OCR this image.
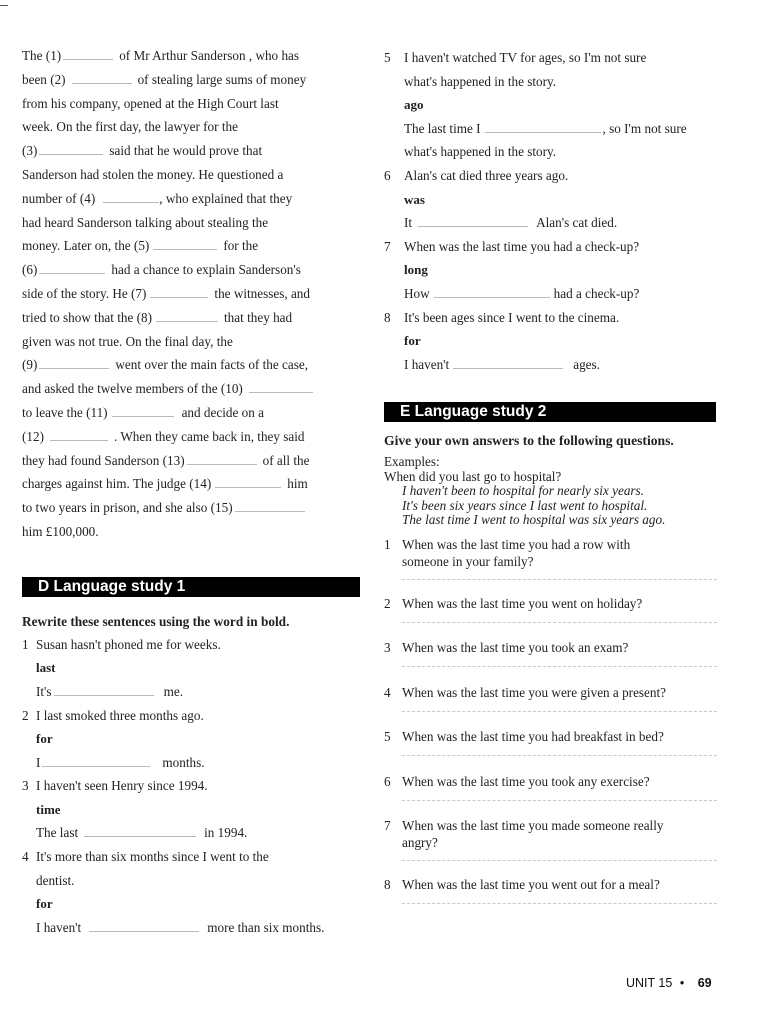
The (1)	of Mr Arthur Sanderson , who has
been (2)	of stealing large sums of money
from his company, opened at the High Court last
week. On the first day, the lawyer for the
(3)	said that he would prove that
Sanderson had stolen the money. He questioned a
number of (4)	, who explained that they
had heard Sanderson talking about stealing the
money. Later on, the (5)	for the
(6)	had a chance to explain Sanderson's
side of the story. He (7)	the witnesses, and
tried to show that the (8)	that they had
given was not true. On the final day, the
(9)	went over the main facts of the case,
and asked the twelve members of the (10)
to leave the (11)	and decide on a
(12)	. When they came back in, they said
they had found Sanderson (13)	of all the
charges against him. The judge (14)	him
to two years in prison, and she also (15)
him £100,000.
D Language study 1
Rewrite these sentences using the word in bold.
1 Susan hasn't phoned me for weeks.
last
It's	me.
2 I last smoked three months ago.
for
I	months.
3 I haven't seen Henry since 1994.
time
The last	in 1994.
4 It's more than six months since I went to the
dentist.
for
I haven't	more than six months.
5 I haven't watched TV for ages, so I'm not sure
what's happened in the story.
ago
The last time I	, so I'm not sure
what's happened in the story.
6 Alan's cat died three years ago.
was
It	Alan's cat died.
7 When was the last time you had a check-up?
long
How	had a check-up?
8 It's been ages since I went to the cinema.
for
I haven't	ages.
E Language study 2
Give your own answers to the following questions.
Examples:
When did you last go to hospital?
I haven't been to hospital for nearly six years.
It's been six years since I last went to hospital.
The last time I went to hospital was six years ago.
1 When was the last time you had a row with
someone in your family?
2 When was the last time you went on holiday?
3 When was the last time you took an exam?
4 When was the last time you were given a present?
5 When was the last time you had breakfast in bed?
6 When was the last time you took any exercise?
7 When was the last time you made someone really
angry?
8 When was the last time you went out for a meal?
UNIT 15 • 69
